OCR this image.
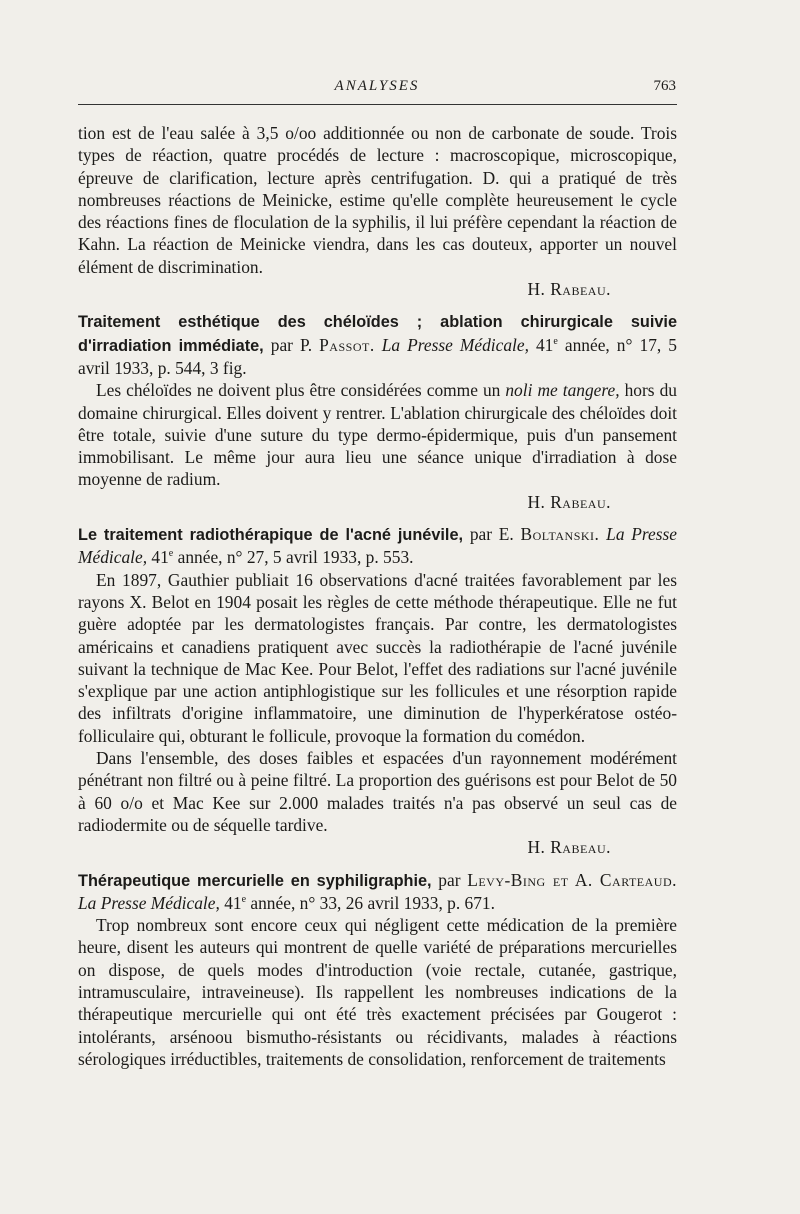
ANALYSES	763

tion est de l'eau salée à 3,5 o/oo additionnée ou non de carbonate de soude. Trois types de réaction, quatre procédés de lecture : macroscopique, microscopique, épreuve de clarification, lecture après centrifugation. D. qui a pratiqué de très nombreuses réactions de Meinicke, estime qu'elle complète heureusement le cycle des réactions fines de floculation de la syphilis, il lui préfère cependant la réaction de Kahn. La réaction de Meinicke viendra, dans les cas douteux, apporter un nouvel élément de discrimination.

H. Rabeau.

Traitement esthétique des chéloïdes ; ablation chirurgicale suivie d'irradiation immédiate, par P. Passot. La Presse Médicale, 41e année, n° 17, 5 avril 1933, p. 544, 3 fig.

Les chéloïdes ne doivent plus être considérées comme un noli me tangere, hors du domaine chirurgical. Elles doivent y rentrer. L'ablation chirurgicale des chéloïdes doit être totale, suivie d'une suture du type dermo-épidermique, puis d'un pansement immobilisant. Le même jour aura lieu une séance unique d'irradiation à dose moyenne de radium.

H. Rabeau.

Le traitement radiothérapique de l'acné junévile, par E. Boltanski. La Presse Médicale, 41e année, n° 27, 5 avril 1933, p. 553.

En 1897, Gauthier publiait 16 observations d'acné traitées favorablement par les rayons X. Belot en 1904 posait les règles de cette méthode thérapeutique. Elle ne fut guère adoptée par les dermatologistes français. Par contre, les dermatologistes américains et canadiens pratiquent avec succès la radiothérapie de l'acné juvénile suivant la technique de Mac Kee. Pour Belot, l'effet des radiations sur l'acné juvénile s'explique par une action antiphlogistique sur les follicules et une résorption rapide des infiltrats d'origine inflammatoire, une diminution de l'hyperkératose ostéo-folliculaire qui, obturant le follicule, provoque la formation du comédon.

Dans l'ensemble, des doses faibles et espacées d'un rayonnement modérément pénétrant non filtré ou à peine filtré. La proportion des guérisons est pour Belot de 50 à 60 o/o et Mac Kee sur 2.000 malades traités n'a pas observé un seul cas de radiodermite ou de séquelle tardive.

H. Rabeau.

Thérapeutique mercurielle en syphiligraphie, par Levy-Bing et A. Carteaud. La Presse Médicale, 41e année, n° 33, 26 avril 1933, p. 671.

Trop nombreux sont encore ceux qui négligent cette médication de la première heure, disent les auteurs qui montrent de quelle variété de préparations mercurielles on dispose, de quels modes d'introduction (voie rectale, cutanée, gastrique, intramusculaire, intraveineuse). Ils rappellent les nombreuses indications de la thérapeutique mercurielle qui ont été très exactement précisées par Gougerot : intolérants, arsénoou bismutho-résistants ou récidivants, malades à réactions sérologiques irréductibles, traitements de consolidation, renforcement de traitements
